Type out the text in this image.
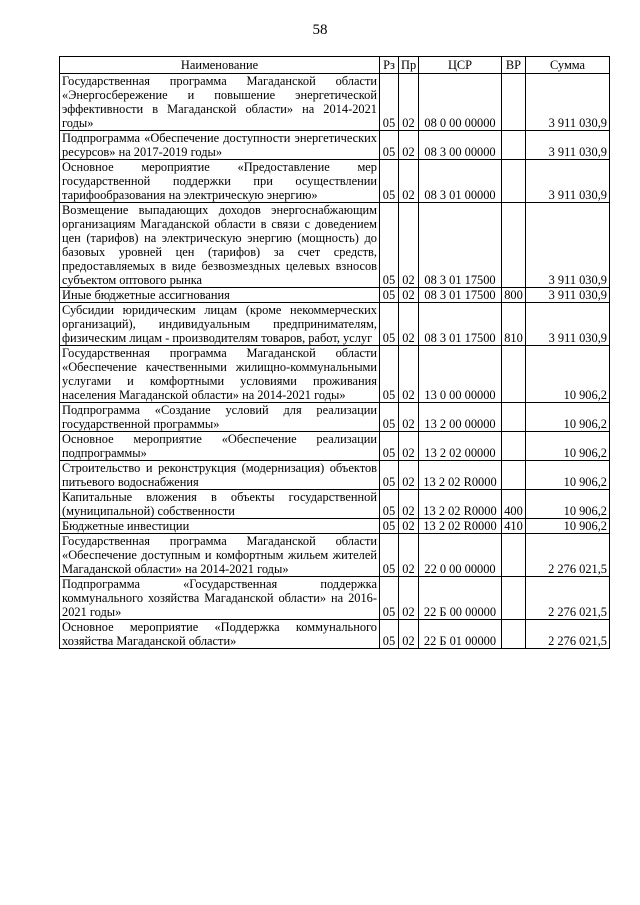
58
Наименование	Рз	Пр	ЦСР	ВР	Сумма
Государственная программа Магаданской области «Энергосбережение и повышение энергетической эффективности в Магаданской области» на 2014-2021 годы»	05	02	08 0 00 00000		3 911 030,9
Подпрограмма «Обеспечение доступности энергетических ресурсов» на 2017-2019 годы»	05	02	08 3 00 00000		3 911 030,9
Основное мероприятие «Предоставление мер государственной поддержки при осуществлении тарифообразования на электрическую энергию»	05	02	08 3 01 00000		3 911 030,9
Возмещение выпадающих доходов энергоснабжающим организациям Магаданской области в связи с доведением цен (тарифов) на электрическую энергию (мощность) до базовых уровней цен (тарифов) за счет средств, предоставляемых в виде безвозмездных целевых взносов субъектом оптового рынка	05	02	08 3 01 17500		3 911 030,9
Иные бюджетные ассигнования	05	02	08 3 01 17500	800	3 911 030,9
Субсидии юридическим лицам (кроме некоммерческих организаций), индивидуальным предпринимателям, физическим лицам - производителям товаров, работ, услуг	05	02	08 3 01 17500	810	3 911 030,9
Государственная программа Магаданской области «Обеспечение качественными жилищно-коммунальными услугами и комфортными условиями проживания населения Магаданской области» на 2014-2021 годы»	05	02	13 0 00 00000		10 906,2
Подпрограмма «Создание условий для реализации государственной программы»	05	02	13 2 00 00000		10 906,2
Основное мероприятие «Обеспечение реализации подпрограммы»	05	02	13 2 02 00000		10 906,2
Строительство и реконструкция (модернизация) объектов питьевого водоснабжения	05	02	13 2 02 R0000		10 906,2
Капитальные вложения в объекты государственной (муниципальной) собственности	05	02	13 2 02 R0000	400	10 906,2
Бюджетные инвестиции	05	02	13 2 02 R0000	410	10 906,2
Государственная программа Магаданской области «Обеспечение доступным и комфортным жильем жителей Магаданской области» на 2014-2021 годы»	05	02	22 0 00 00000		2 276 021,5
Подпрограмма «Государственная поддержка коммунального хозяйства Магаданской области» на 2016-2021 годы»	05	02	22 Б 00 00000		2 276 021,5
Основное мероприятие «Поддержка коммунального хозяйства Магаданской области»	05	02	22 Б 01 00000		2 276 021,5
